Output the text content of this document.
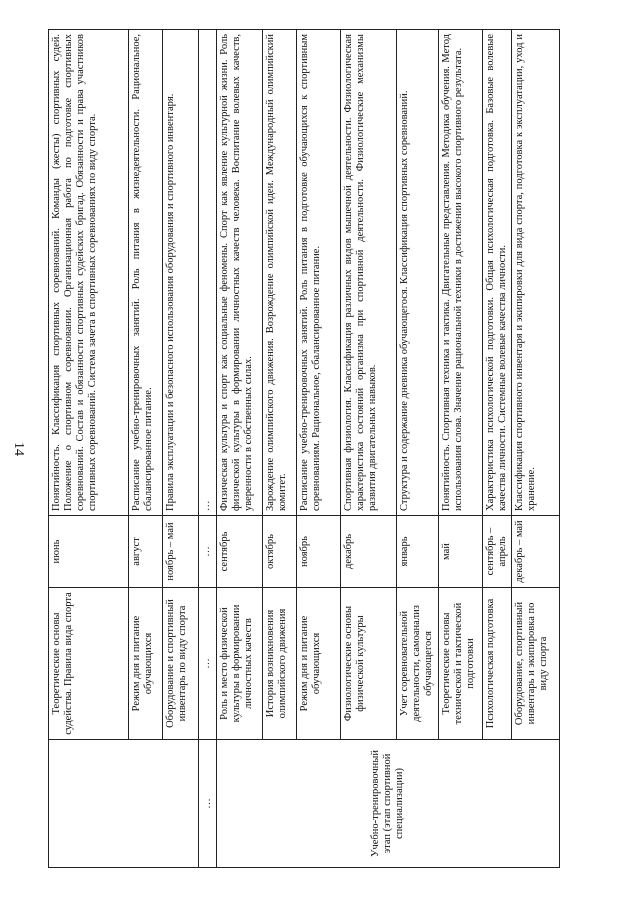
14
	Теоретические основы судейства. Правила вида спорта	июнь	Понятийность. Классификация спортивных соревнований. Команды (жесты) спортивных судей. Положение о спортивном соревновании. Организационная работа по подготовке спортивных соревнований. Состав и обязанности спортивных судейских бригад. Обязанности и права участников спортивных соревнований. Система зачета в спортивных соревнованиях по виду спорта.
	Режим дня и питание обучающихся	август	Расписание учебно-тренировочных занятий. Роль питания в жизнедеятельности. Рациональное, сбалансированное питание.
	Оборудование и спортивный инвентарь по виду спорта	ноябрь – май	Правила эксплуатации и безопасного использования оборудования и спортивного инвентаря.
…	…	…	…
Учебно-тренировочный этап (этап спортивной специализации)	Роль и место физической культуры в формировании личностных качеств	сентябрь	Физическая культура и спорт как социальные феномены. Спорт как явление культурной жизни. Роль физической культуры в формировании личностных качеств человека. Воспитание волевых качеств, уверенности в собственных силах.
	История возникновения олимпийского движения	октябрь	Зарождение олимпийского движения. Возрождение олимпийской идеи. Международный олимпийский комитет.
	Режим дня и питание обучающихся	ноябрь	Расписание учебно-тренировочных занятий. Роль питания в подготовке обучающихся к спортивным соревнованиям. Рациональное, сбалансированное питание.
	Физиологические основы физической культуры	декабрь	Спортивная физиология. Классификация различных видов мышечной деятельности. Физиологическая характеристика состояний организма при спортивной деятельности. Физиологические механизмы развития двигательных навыков.
	Учет соревновательной деятельности, самоанализ обучающегося	январь	Структура и содержание дневника обучающегося. Классификация спортивных соревнований.
	Теоретические основы технической и тактической подготовки	май	Понятийность. Спортивная техника и тактика. Двигательные представления. Методика обучения. Метод использования слова. Значение рациональной техники в достижении высокого спортивного результата.
	Психологическая подготовка	сентябрь – апрель	Характеристика психологической подготовки. Общая психологическая подготовка. Базовые волевые качества личности. Системные волевые качества личности.
	Оборудование, спортивный инвентарь и экипировка по виду спорта	декабрь – май	Классификация спортивного инвентаря и экипировки для вида спорта, подготовка к эксплуатации, уход и хранение.
